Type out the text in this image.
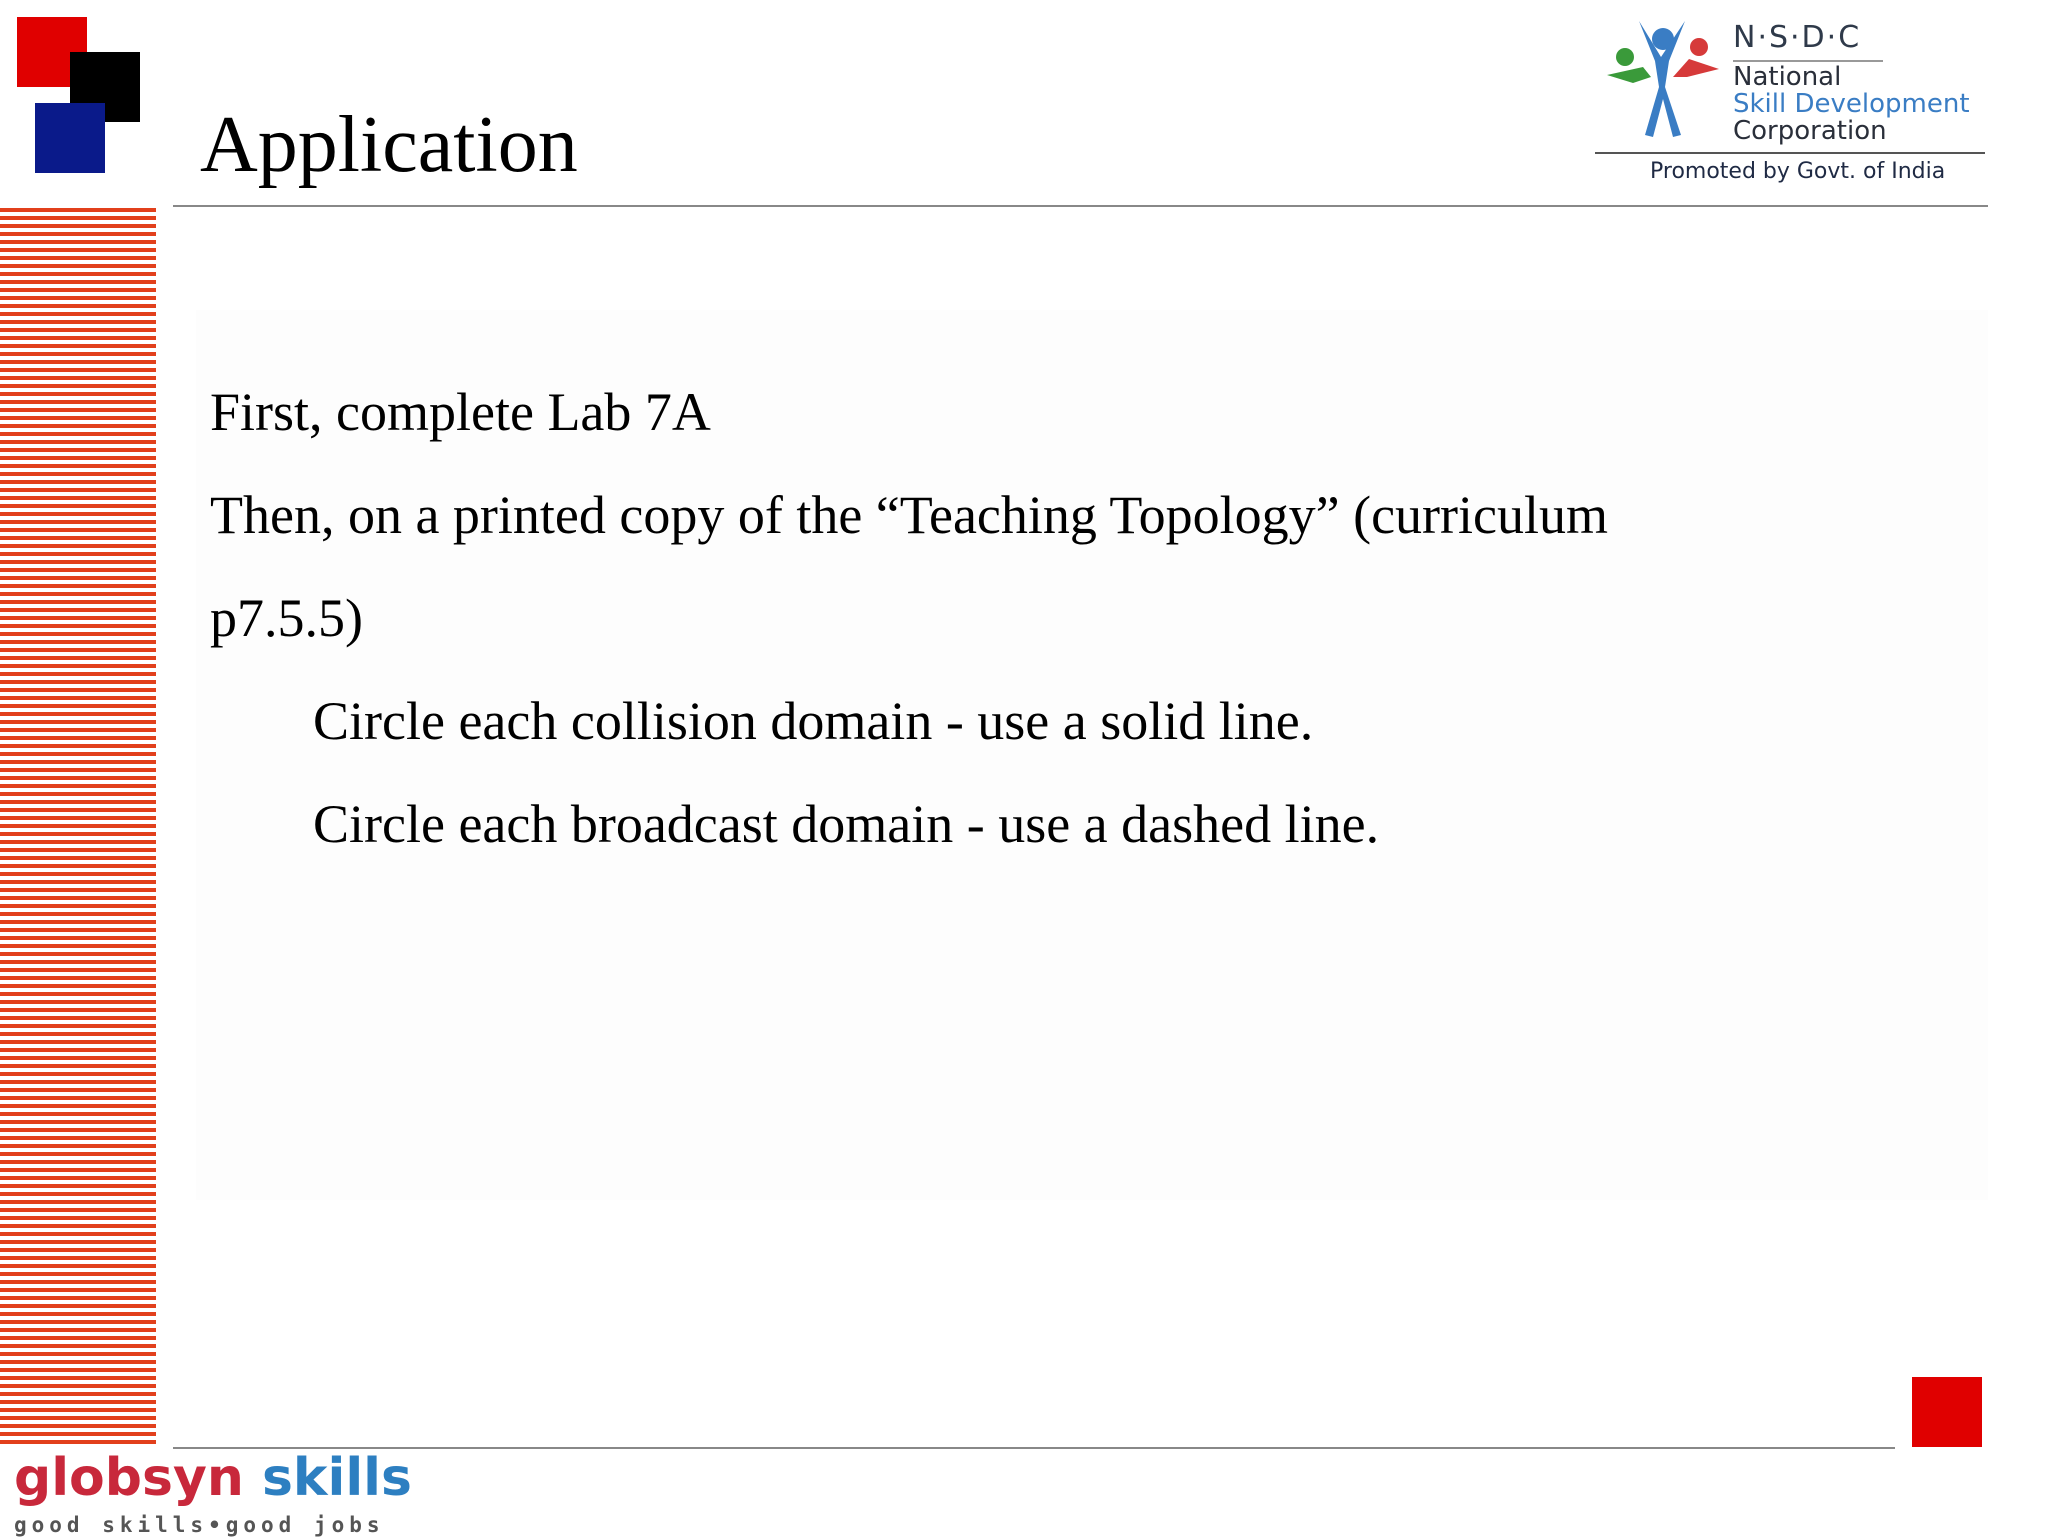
Application
First, complete Lab 7A
Then, on a printed copy of the “Teaching Topology” (curriculum
p7.5.5)
Circle each collision domain - use a solid line.
Circle each broadcast domain - use a dashed line.
N·S·D·C
National
Skill Development
Corporation
Promoted by Govt. of India
globsyn skills
good skills•good jobs
